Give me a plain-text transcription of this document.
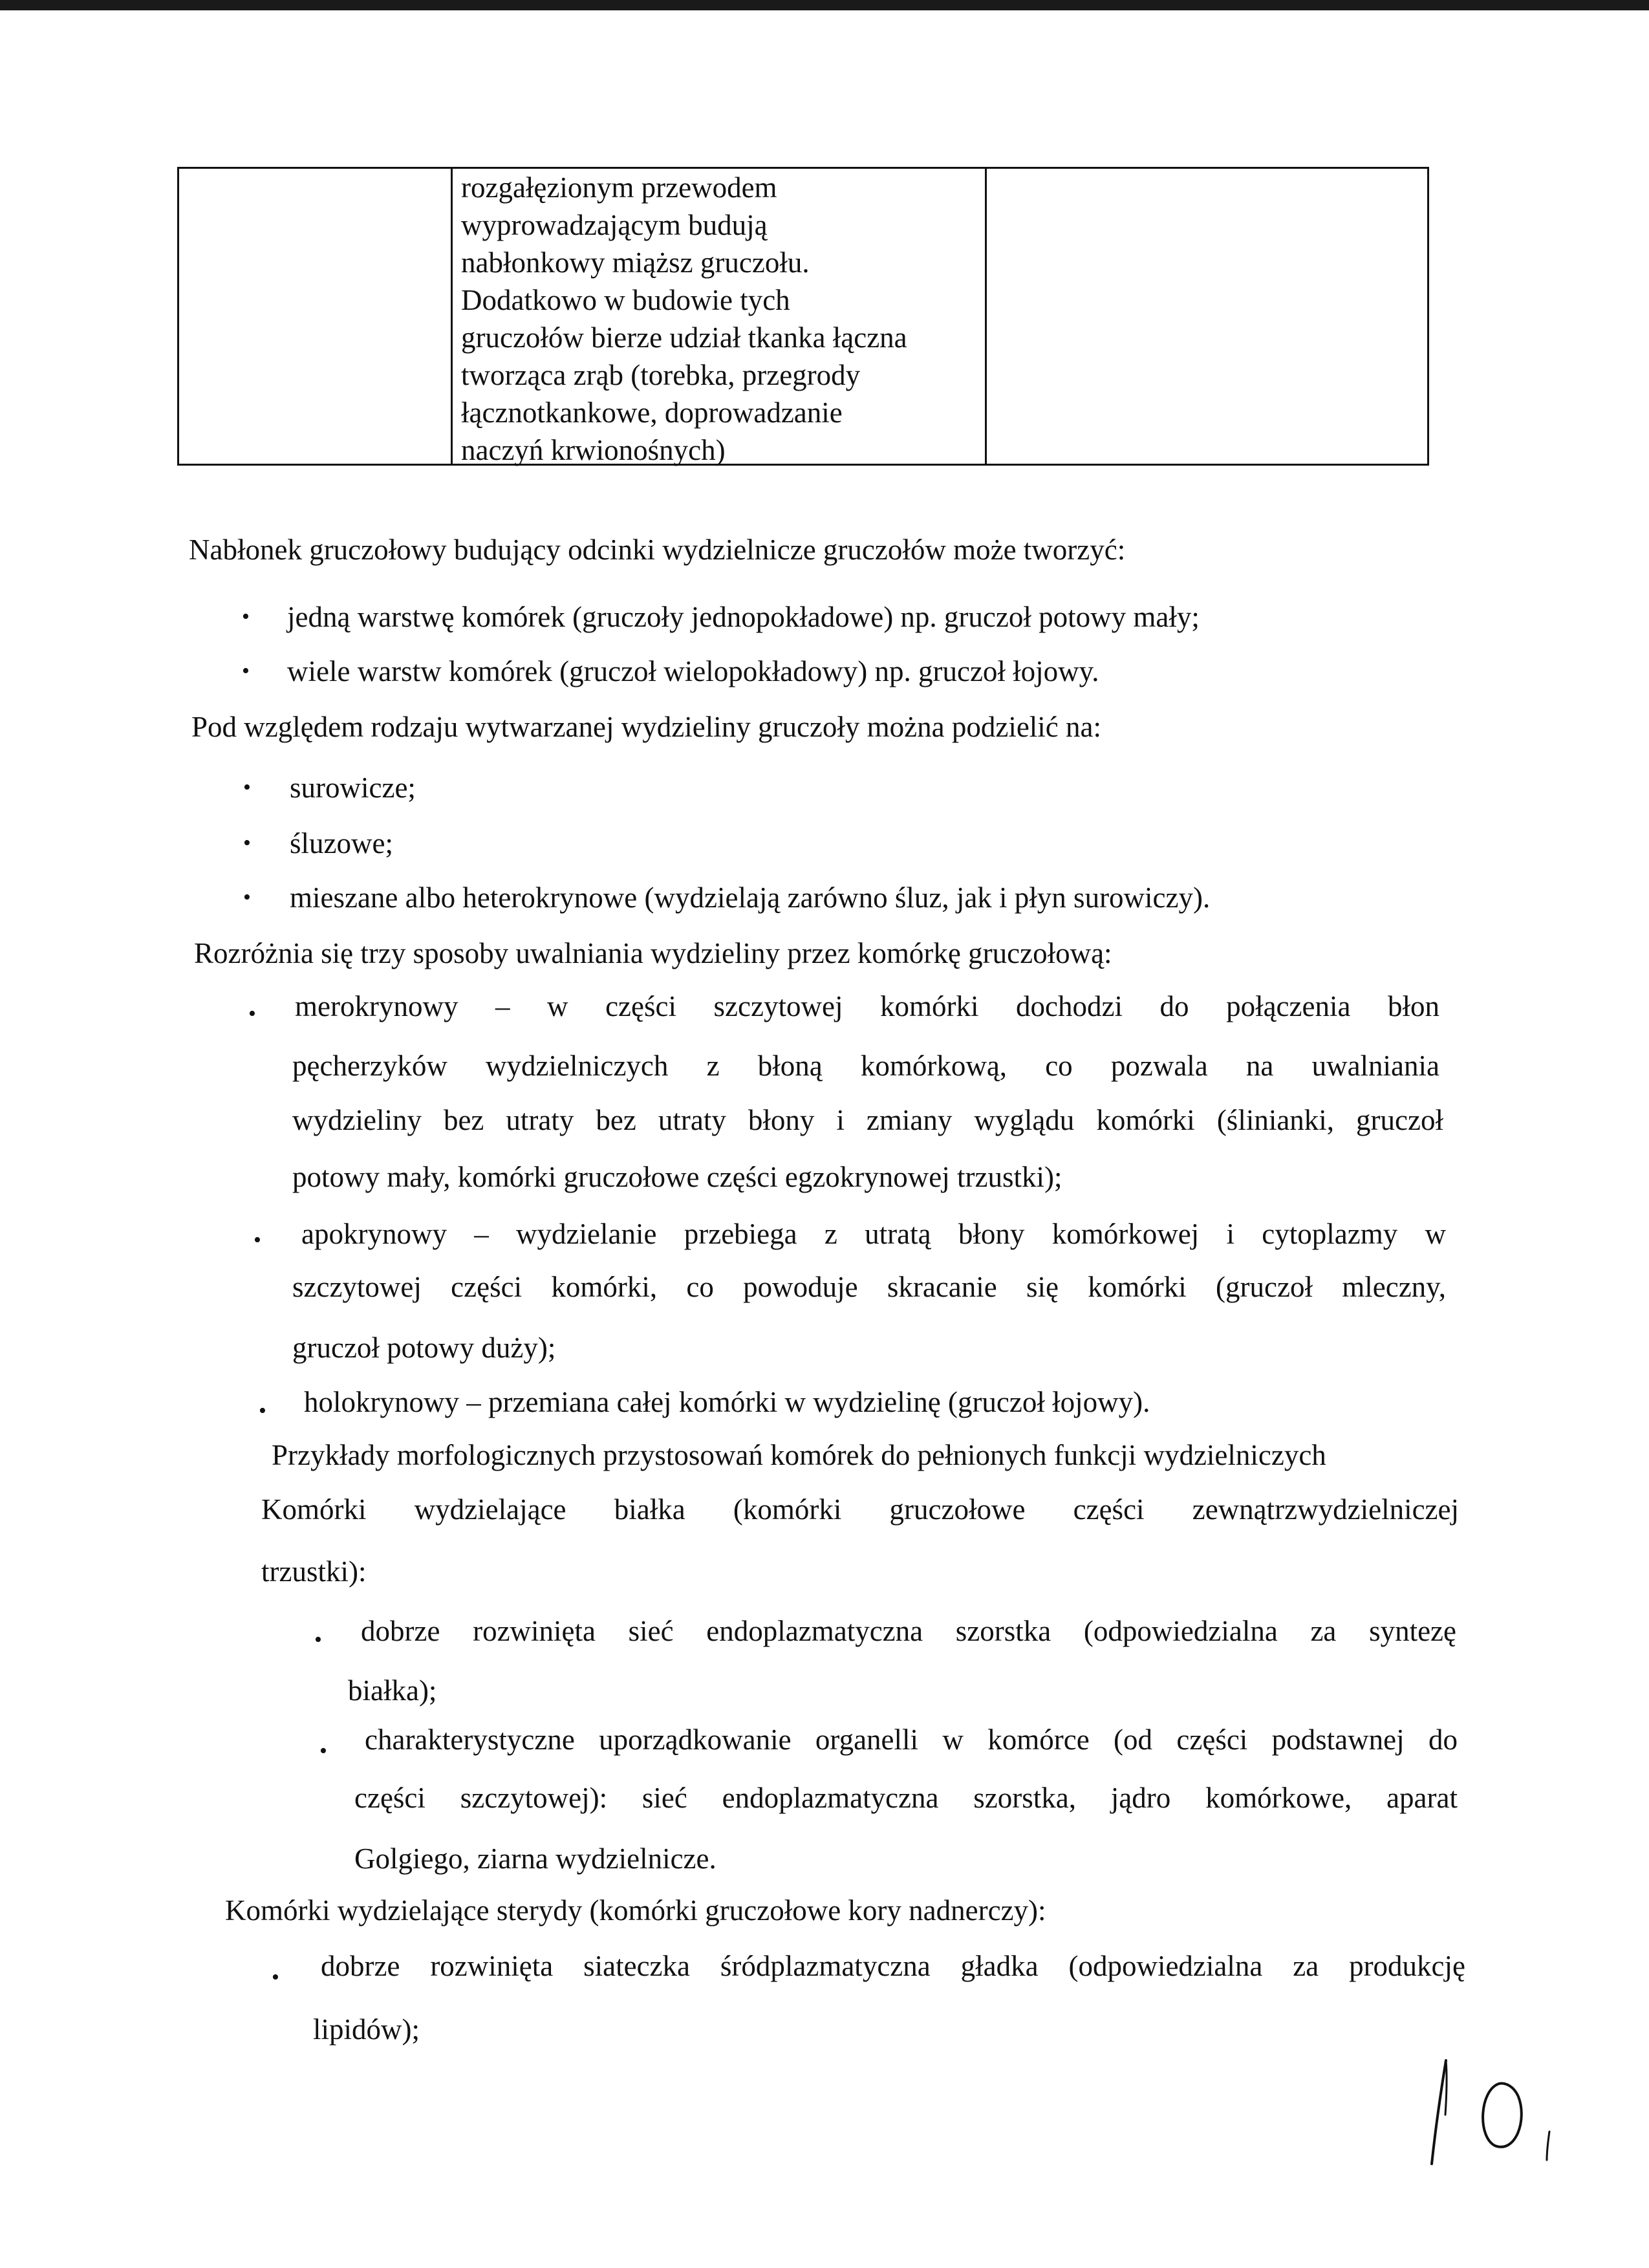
rozgałęzionym przewodem

wyprowadzającym budują

nabłonkowy miąższ gruczołu.

Dodatkowo w budowie tych

gruczołów bierze udział tkanka łączna

tworząca zrąb (torebka, przegrody

łącznotkankowe, doprowadzanie

naczyń krwionośnych)

Nabłonek gruczołowy budujący odcinki wydzielnicze gruczołów może tworzyć:
• jedną warstwę komórek (gruczoły jednopokładowe) np. gruczoł potowy mały;
• wiele warstw komórek (gruczoł wielopokładowy) np. gruczoł łojowy.
Pod względem rodzaju wytwarzanej wydzieliny gruczoły można podzielić na:
• surowicze;
• śluzowe;
• mieszane albo heterokrynowe (wydzielają zarówno śluz, jak i płyn surowiczy).
Rozróżnia się trzy sposoby uwalniania wydzieliny przez komórkę gruczołową:
• merokrynowy – w części szczytowej komórki dochodzi do połączenia błon
pęcherzyków wydzielniczych z błoną komórkową, co pozwala na uwalniania
wydzieliny bez utraty bez utraty błony i zmiany wyglądu komórki (ślinianki, gruczoł
potowy mały, komórki gruczołowe części egzokrynowej trzustki);
• apokrynowy – wydzielanie przebiega z utratą błony komórkowej i cytoplazmy w
szczytowej części komórki, co powoduje skracanie się komórki (gruczoł mleczny,
gruczoł potowy duży);
• holokrynowy – przemiana całej komórki w wydzielinę (gruczoł łojowy).
Przykłady morfologicznych przystosowań komórek do pełnionych funkcji wydzielniczych
Komórki wydzielające białka (komórki gruczołowe części zewnątrzwydzielniczej
trzustki):
• dobrze rozwinięta sieć endoplazmatyczna szorstka (odpowiedzialna za syntezę
białka);
• charakterystyczne uporządkowanie organelli w komórce (od części podstawnej do
części szczytowej): sieć endoplazmatyczna szorstka, jądro komórkowe, aparat
Golgiego, ziarna wydzielnicze.
Komórki wydzielające sterydy (komórki gruczołowe kory nadnerczy):
• dobrze rozwinięta siateczka śródplazmatyczna gładka (odpowiedzialna za produkcję
lipidów);
